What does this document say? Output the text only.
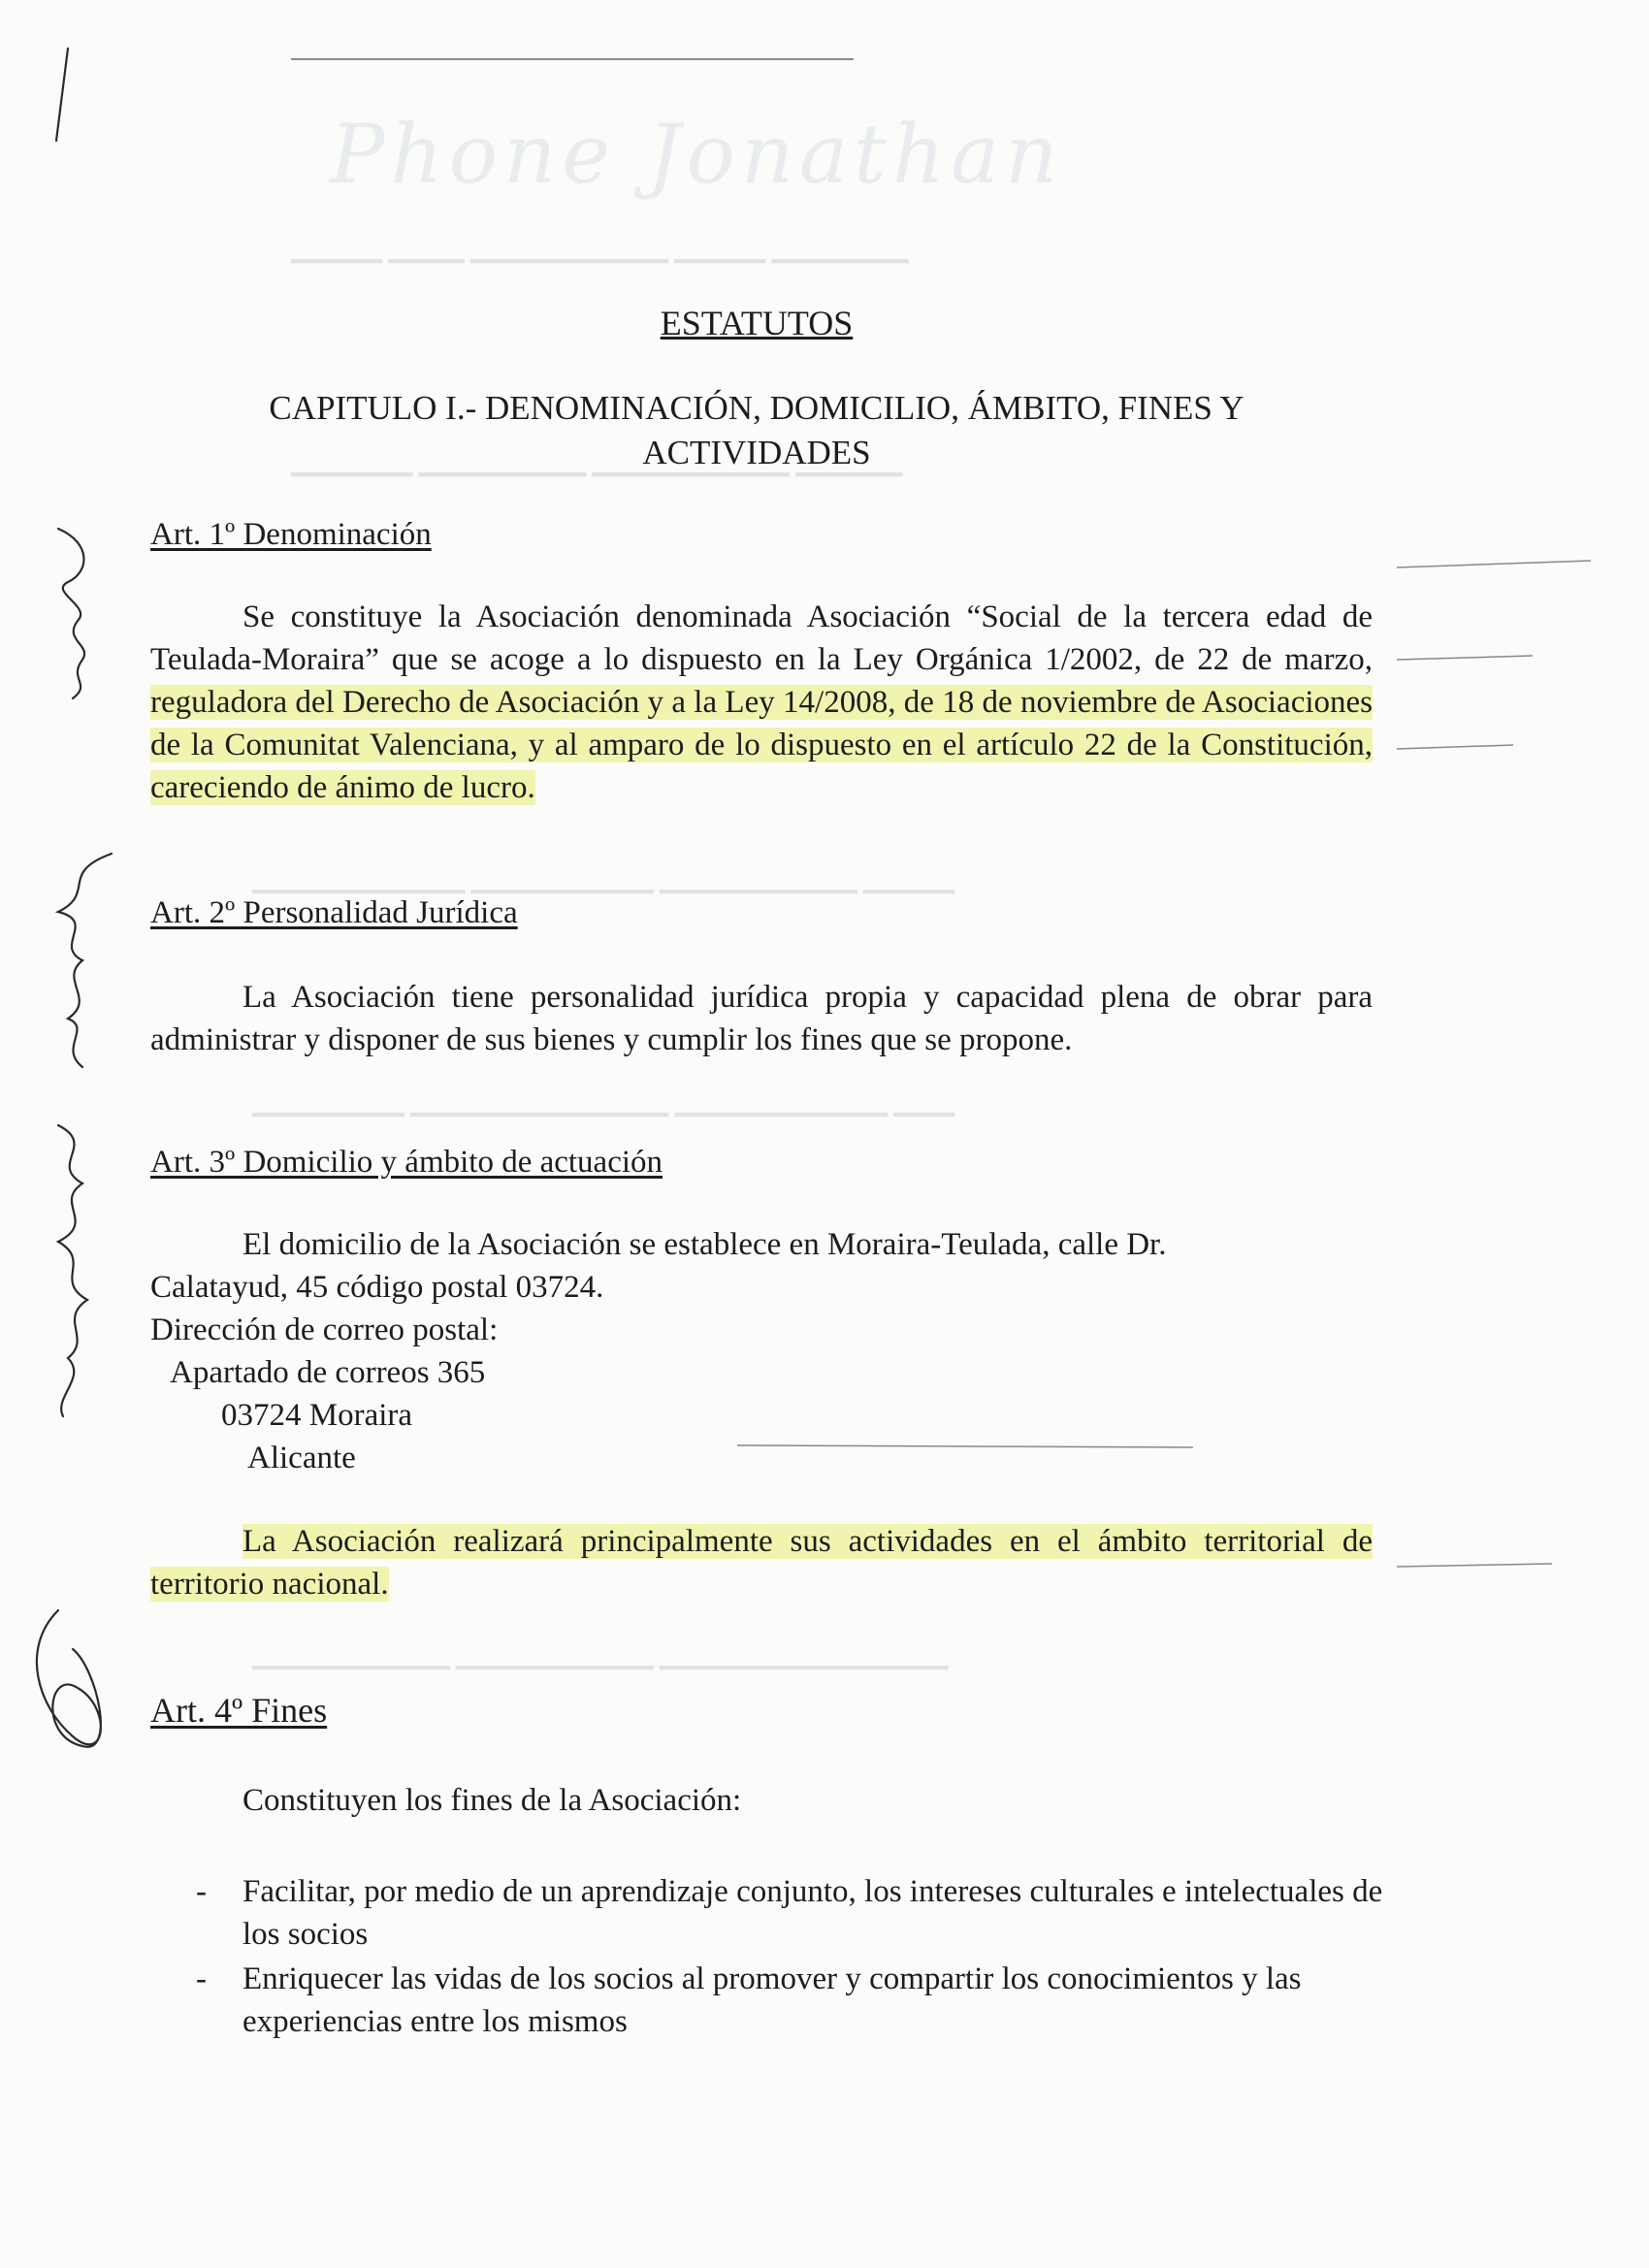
Phone Jonathan
━━━━━━ ━━━━━ ━━━━━━━━━━━━━ ━━━━━━ ━━━━━━━━━
━━━━━━━━ ━━━━━━━━━━━ ━━━━━━━━━━━━━ ━━━━━━━
━━━━━━━━━━━━━━ ━━━━━━━━━━━━ ━━━━━━━━━━━━━ ━━━━━━
━━━━━━━━━━ ━━━━━━━━━━━━━━━━━ ━━━━━━━━━━━━━━ ━━━━
━━━━━━━━━━━━━ ━━━━━━━━━━━━━ ━━━━━━━━━━━━━━━━━━━
ESTATUTOS
CAPITULO I.- DENOMINACIÓN, DOMICILIO, ÁMBITO, FINES Y
ACTIVIDADES
Art. 1º Denominación
Se constituye la Asociación denominada Asociación “Social de la tercera edad de Teulada-Moraira” que se acoge a lo dispuesto en la Ley Orgánica 1/2002, de 22 de marzo, reguladora del Derecho de Asociación y a la Ley 14/2008, de 18 de noviembre de Asociaciones de la Comunitat Valenciana, y al amparo de lo dispuesto en el artículo 22 de la Constitución, careciendo de ánimo de lucro.
Art. 2º Personalidad Jurídica
La Asociación tiene personalidad jurídica propia y capacidad plena de obrar para administrar y disponer de sus bienes y cumplir los fines que se propone.
Art. 3º Domicilio y ámbito de actuación
El domicilio de la Asociación se establece en Moraira-Teulada, calle Dr.
Calatayud, 45 código postal 03724.
Dirección de correo postal:
Apartado de correos 365
03724 Moraira
Alicante
La Asociación realizará principalmente sus actividades en el ámbito territorial de territorio nacional.
Art. 4º Fines
Constituyen los fines de la Asociación:
- Facilitar, por medio de un aprendizaje conjunto, los intereses culturales e intelectuales de los socios
- Enriquecer las vidas de los socios al promover y compartir los conocimientos y las experiencias entre los mismos
